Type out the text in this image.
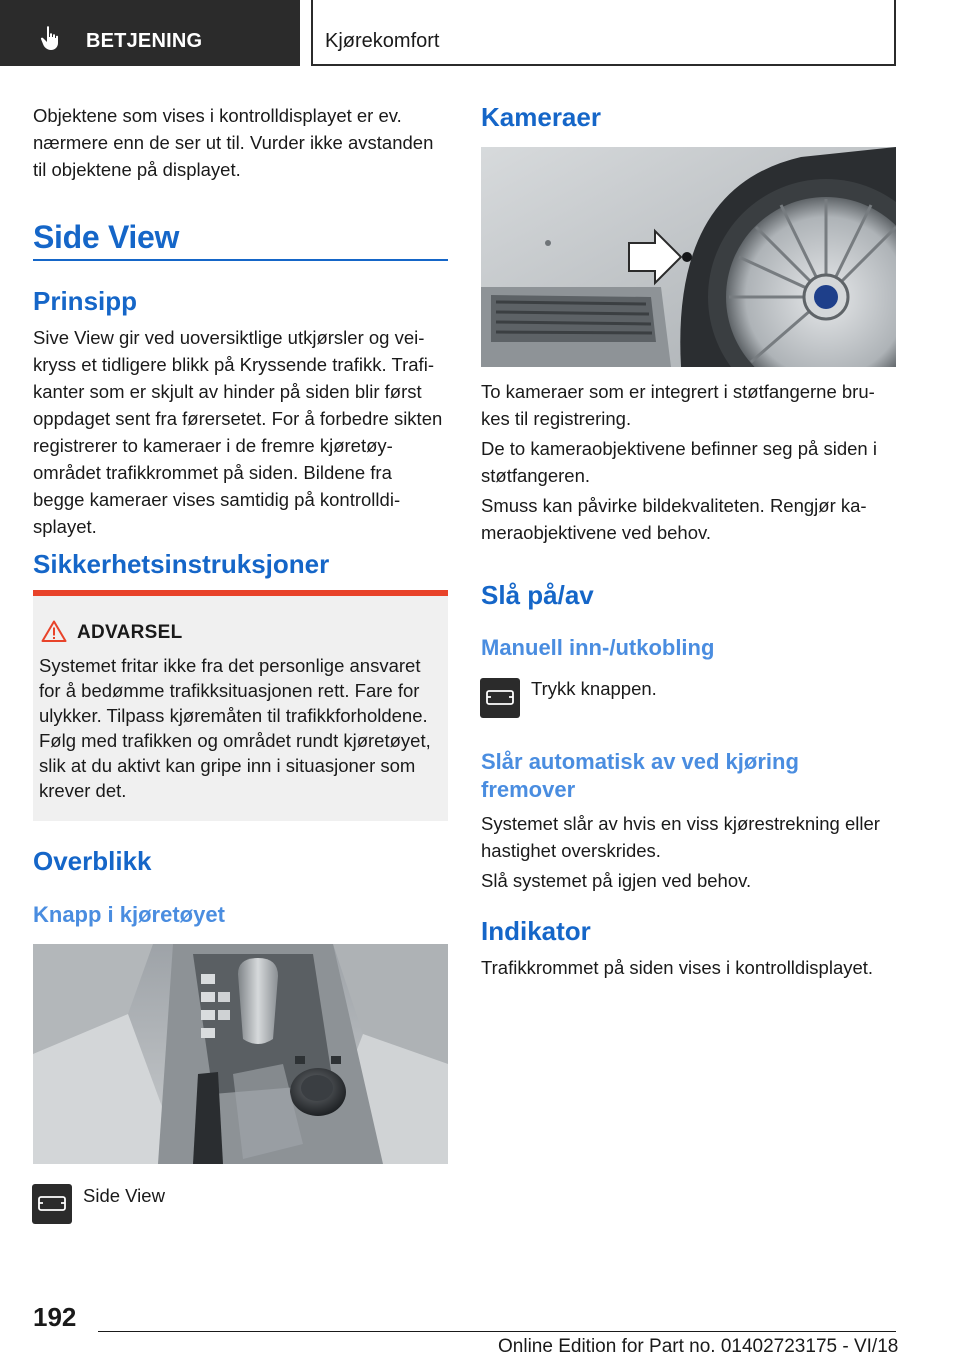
BETJENING	Kjørekomfort
Objektene som vises i kontrolldisplayet er ev. nærmere enn de ser ut til. Vurder ikke avstanden til objektene på displayet.
Side View
Prinsipp
Sive View gir ved uoversiktlige utkjørsler og veikryss et tidligere blikk på Kryssende trafikk. Trafikanter som er skjult av hinder på siden blir først oppdaget sent fra førersetet. For å forbedre sikten registrerer to kameraer i de fremre kjøretøyområdet trafikkrommet på siden. Bildene fra begge kameraer vises samtidig på kontrolldisplayet.
Sikkerhetsinstruksjoner
ADVARSEL
Systemet fritar ikke fra det personlige ansvaret for å bedømme trafikksituasjonen rett. Fare for ulykker. Tilpass kjøremåten til trafikkforholdene. Følg med trafikken og området rundt kjøretøyet, slik at du aktivt kan gripe inn i situasjoner som krever det.
Overblikk
Knapp i kjøretøyet
Side View
Kameraer
To kameraer som er integrert i støtfangerne brukes til registrering.
De to kameraobjektivene befinner seg på siden i støtfangeren.
Smuss kan påvirke bildekvaliteten. Rengjør kameraobjektivene ved behov.
Slå på/av
Manuell inn-/utkobling
Trykk knappen.
Slår automatisk av ved kjøring fremover
Systemet slår av hvis en viss kjørestrekning eller hastighet overskrides.
Slå systemet på igjen ved behov.
Indikator
Trafikkrommet på siden vises i kontrolldisplayet.
192
Online Edition for Part no. 01402723175 - VI/18
